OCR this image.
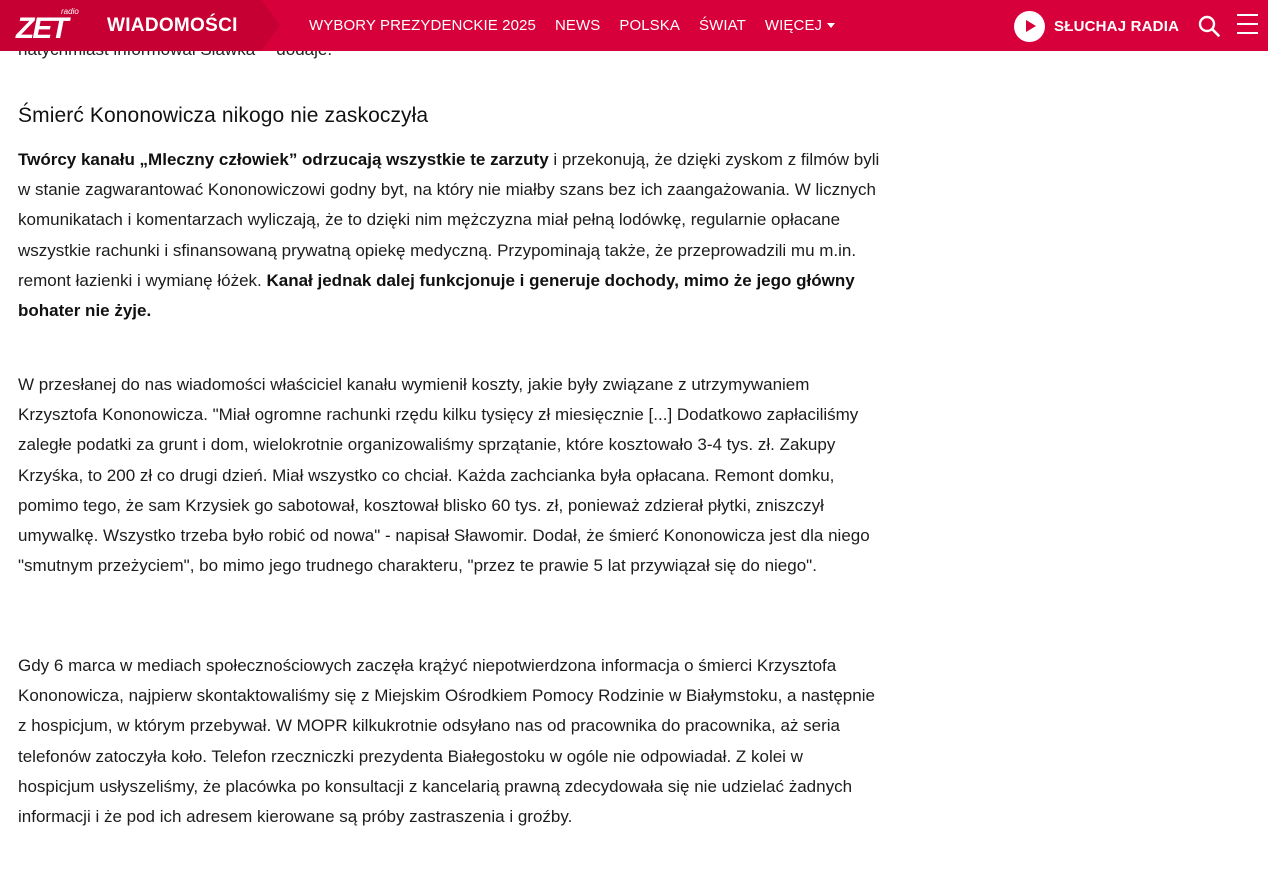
ZET
radio
WIADOMOŚCI	WYBORY PREZYDENCKIE 2025 NEWS POLSKA ŚWIAT WIĘCEJ	SŁUCHAJ RADIA
Śmierć Kononowicza nikogo nie zaskoczyła

Twórcy kanału „Mleczny człowiek” odrzucają wszystkie te zarzuty i przekonują, że dzięki zyskom z filmów byli w stanie zagwarantować Kononowiczowi godny byt, na który nie miałby szans bez ich zaangażowania. W licznych komunikatach i komentarzach wyliczają, że to dzięki nim mężczyzna miał pełną lodówkę, regularnie opłacane wszystkie rachunki i sfinansowaną prywatną opiekę medyczną. Przypominają także, że przeprowadzili mu m.in. remont łazienki i wymianę łóżek. Kanał jednak dalej funkcjonuje i generuje dochody, mimo że jego główny bohater nie żyje.

W przesłanej do nas wiadomości właściciel kanału wymienił koszty, jakie były związane z utrzymywaniem Krzysztofa Kononowicza. "Miał ogromne rachunki rzędu kilku tysięcy zł miesięcznie [...] Dodatkowo zapłaciliśmy zaległe podatki za grunt i dom, wielokrotnie organizowaliśmy sprzątanie, które kosztowało 3-4 tys. zł. Zakupy Krzyśka, to 200 zł co drugi dzień. Miał wszystko co chciał. Każda zachcianka była opłacana. Remont domku, pomimo tego, że sam Krzysiek go sabotował, kosztował blisko 60 tys. zł, ponieważ zdzierał płytki, zniszczył umywalkę. Wszystko trzeba było robić od nowa" - napisał Sławomir. Dodał, że śmierć Kononowicza jest dla niego "smutnym przeżyciem", bo mimo jego trudnego charakteru, "przez te prawie 5 lat przywiązał się do niego".

Gdy 6 marca w mediach społecznościowych zaczęła krążyć niepotwierdzona informacja o śmierci Krzysztofa Kononowicza, najpierw skontaktowaliśmy się z Miejskim Ośrodkiem Pomocy Rodzinie w Białymstoku, a następnie z hospicjum, w którym przebywał. W MOPR kilkukrotnie odsyłano nas od pracownika do pracownika, aż seria telefonów zatoczyła koło. Telefon rzeczniczki prezydenta Białegostoku w ogóle nie odpowiadał. Z kolei w hospicjum usłyszeliśmy, że placówka po konsultacji z kancelarią prawną zdecydowała się nie udzielać żadnych informacji i że pod ich adresem kierowane są próby zastraszenia i groźby.
